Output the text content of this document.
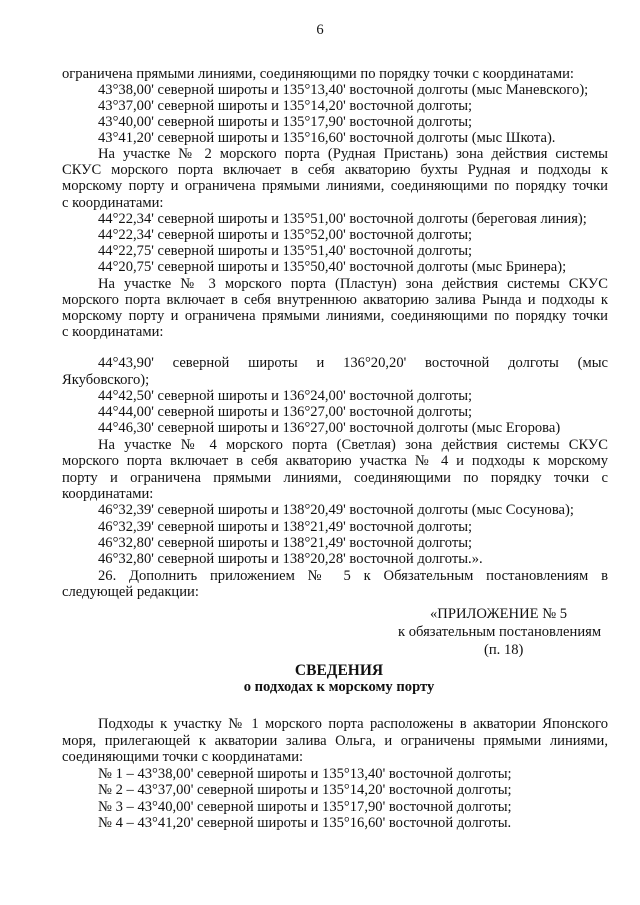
6
ограничена прямыми линиями, соединяющими по порядку точки с координатами:
43°38,00' северной широты и 135°13,40' восточной долготы (мыс Маневского);
43°37,00' северной широты и 135°14,20' восточной долготы;
43°40,00' северной широты и 135°17,90' восточной долготы;
43°41,20' северной широты и 135°16,60' восточной долготы (мыс Шкота).
На участке № 2 морского порта (Рудная Пристань) зона действия системы
СКУС морского порта включает в себя акваторию бухты Рудная и подходы к
морскому порту и ограничена прямыми линиями, соединяющими по порядку точки
с координатами:
44°22,34' северной широты и 135°51,00' восточной долготы (береговая линия);
44°22,34' северной широты и 135°52,00' восточной долготы;
44°22,75' северной широты и 135°51,40' восточной долготы;
44°20,75' северной широты и 135°50,40' восточной долготы (мыс Бринера);
На участке № 3 морского порта (Пластун) зона действия системы СКУС
морского порта включает в себя внутреннюю акваторию залива Рында и подходы к
морскому порту и ограничена прямыми линиями, соединяющими по порядку точки
с координатами:
44°43,90' северной широты и 136°20,20' восточной долготы (мыс
Якубовского);
44°42,50' северной широты и 136°24,00' восточной долготы;
44°44,00' северной широты и 136°27,00' восточной долготы;
44°46,30' северной широты и 136°27,00' восточной долготы (мыс Егорова)
На участке № 4 морского порта (Светлая) зона действия системы СКУС
морского порта включает в себя акваторию участка № 4 и подходы к морскому
порту и ограничена прямыми линиями, соединяющими по порядку точки с
координатами:
46°32,39' северной широты и 138°20,49' восточной долготы (мыс Сосунова);
46°32,39' северной широты и 138°21,49' восточной долготы;
46°32,80' северной широты и 138°21,49' восточной долготы;
46°32,80' северной широты и 138°20,28' восточной долготы.».
26. Дополнить приложением № 5 к Обязательным постановлениям в
следующей редакции:
«ПРИЛОЖЕНИЕ № 5
к обязательным постановлениям
(п. 18)
СВЕДЕНИЯ
о подходах к морскому порту
Подходы к участку № 1 морского порта расположены в акватории Японского
моря, прилегающей к акватории залива Ольга, и ограничены прямыми линиями,
соединяющими точки с координатами:
№ 1 – 43°38,00' северной широты и 135°13,40' восточной долготы;
№ 2 – 43°37,00' северной широты и 135°14,20' восточной долготы;
№ 3 – 43°40,00' северной широты и 135°17,90' восточной долготы;
№ 4 – 43°41,20' северной широты и 135°16,60' восточной долготы.
